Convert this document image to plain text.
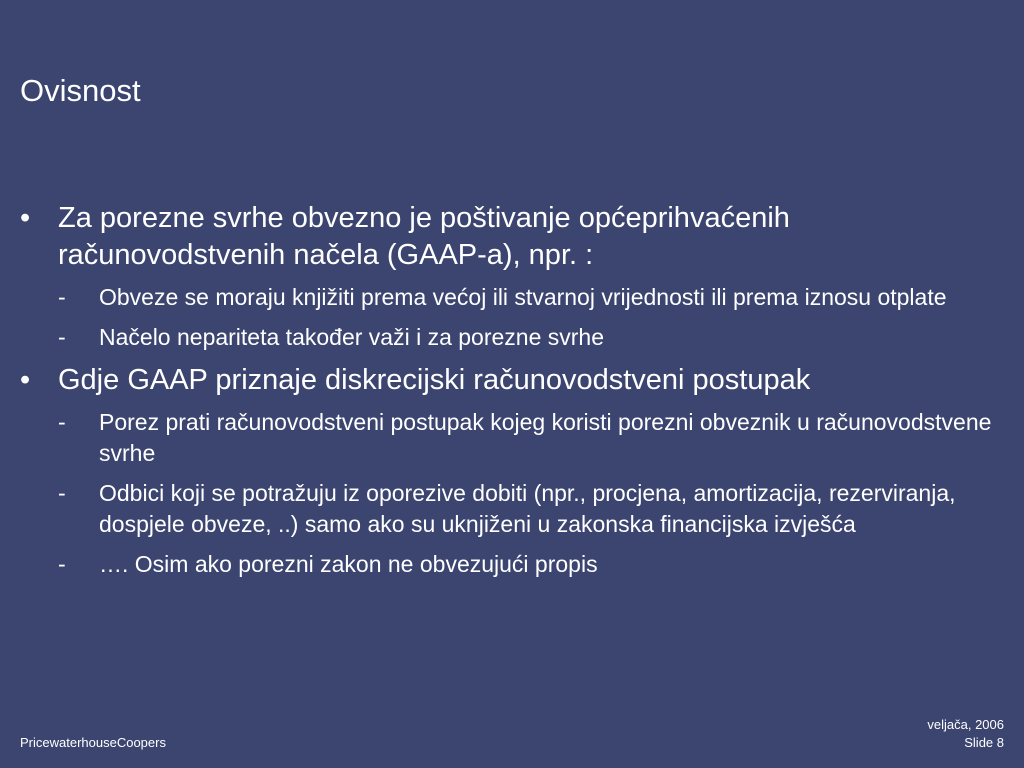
Ovisnost
• Za porezne svrhe obvezno je poštivanje općeprihvaćenih računovodstvenih načela (GAAP-a), npr. :
- Obveze se moraju knjižiti prema većoj ili stvarnoj vrijednosti ili prema iznosu otplate
- Načelo nepariteta također važi i za porezne svrhe
• Gdje GAAP priznaje diskrecijski računovodstveni postupak
- Porez prati računovodstveni postupak kojeg koristi porezni obveznik u računovodstvene svrhe
- Odbici koji se potražuju iz oporezive dobiti (npr., procjena, amortizacija, rezerviranja, dospjele obveze, ..) samo ako su uknjiženi u zakonska financijska izvješća
- …. Osim ako porezni zakon ne obvezujući propis
PricewaterhouseCoopers
veljača, 2006
Slide 8
